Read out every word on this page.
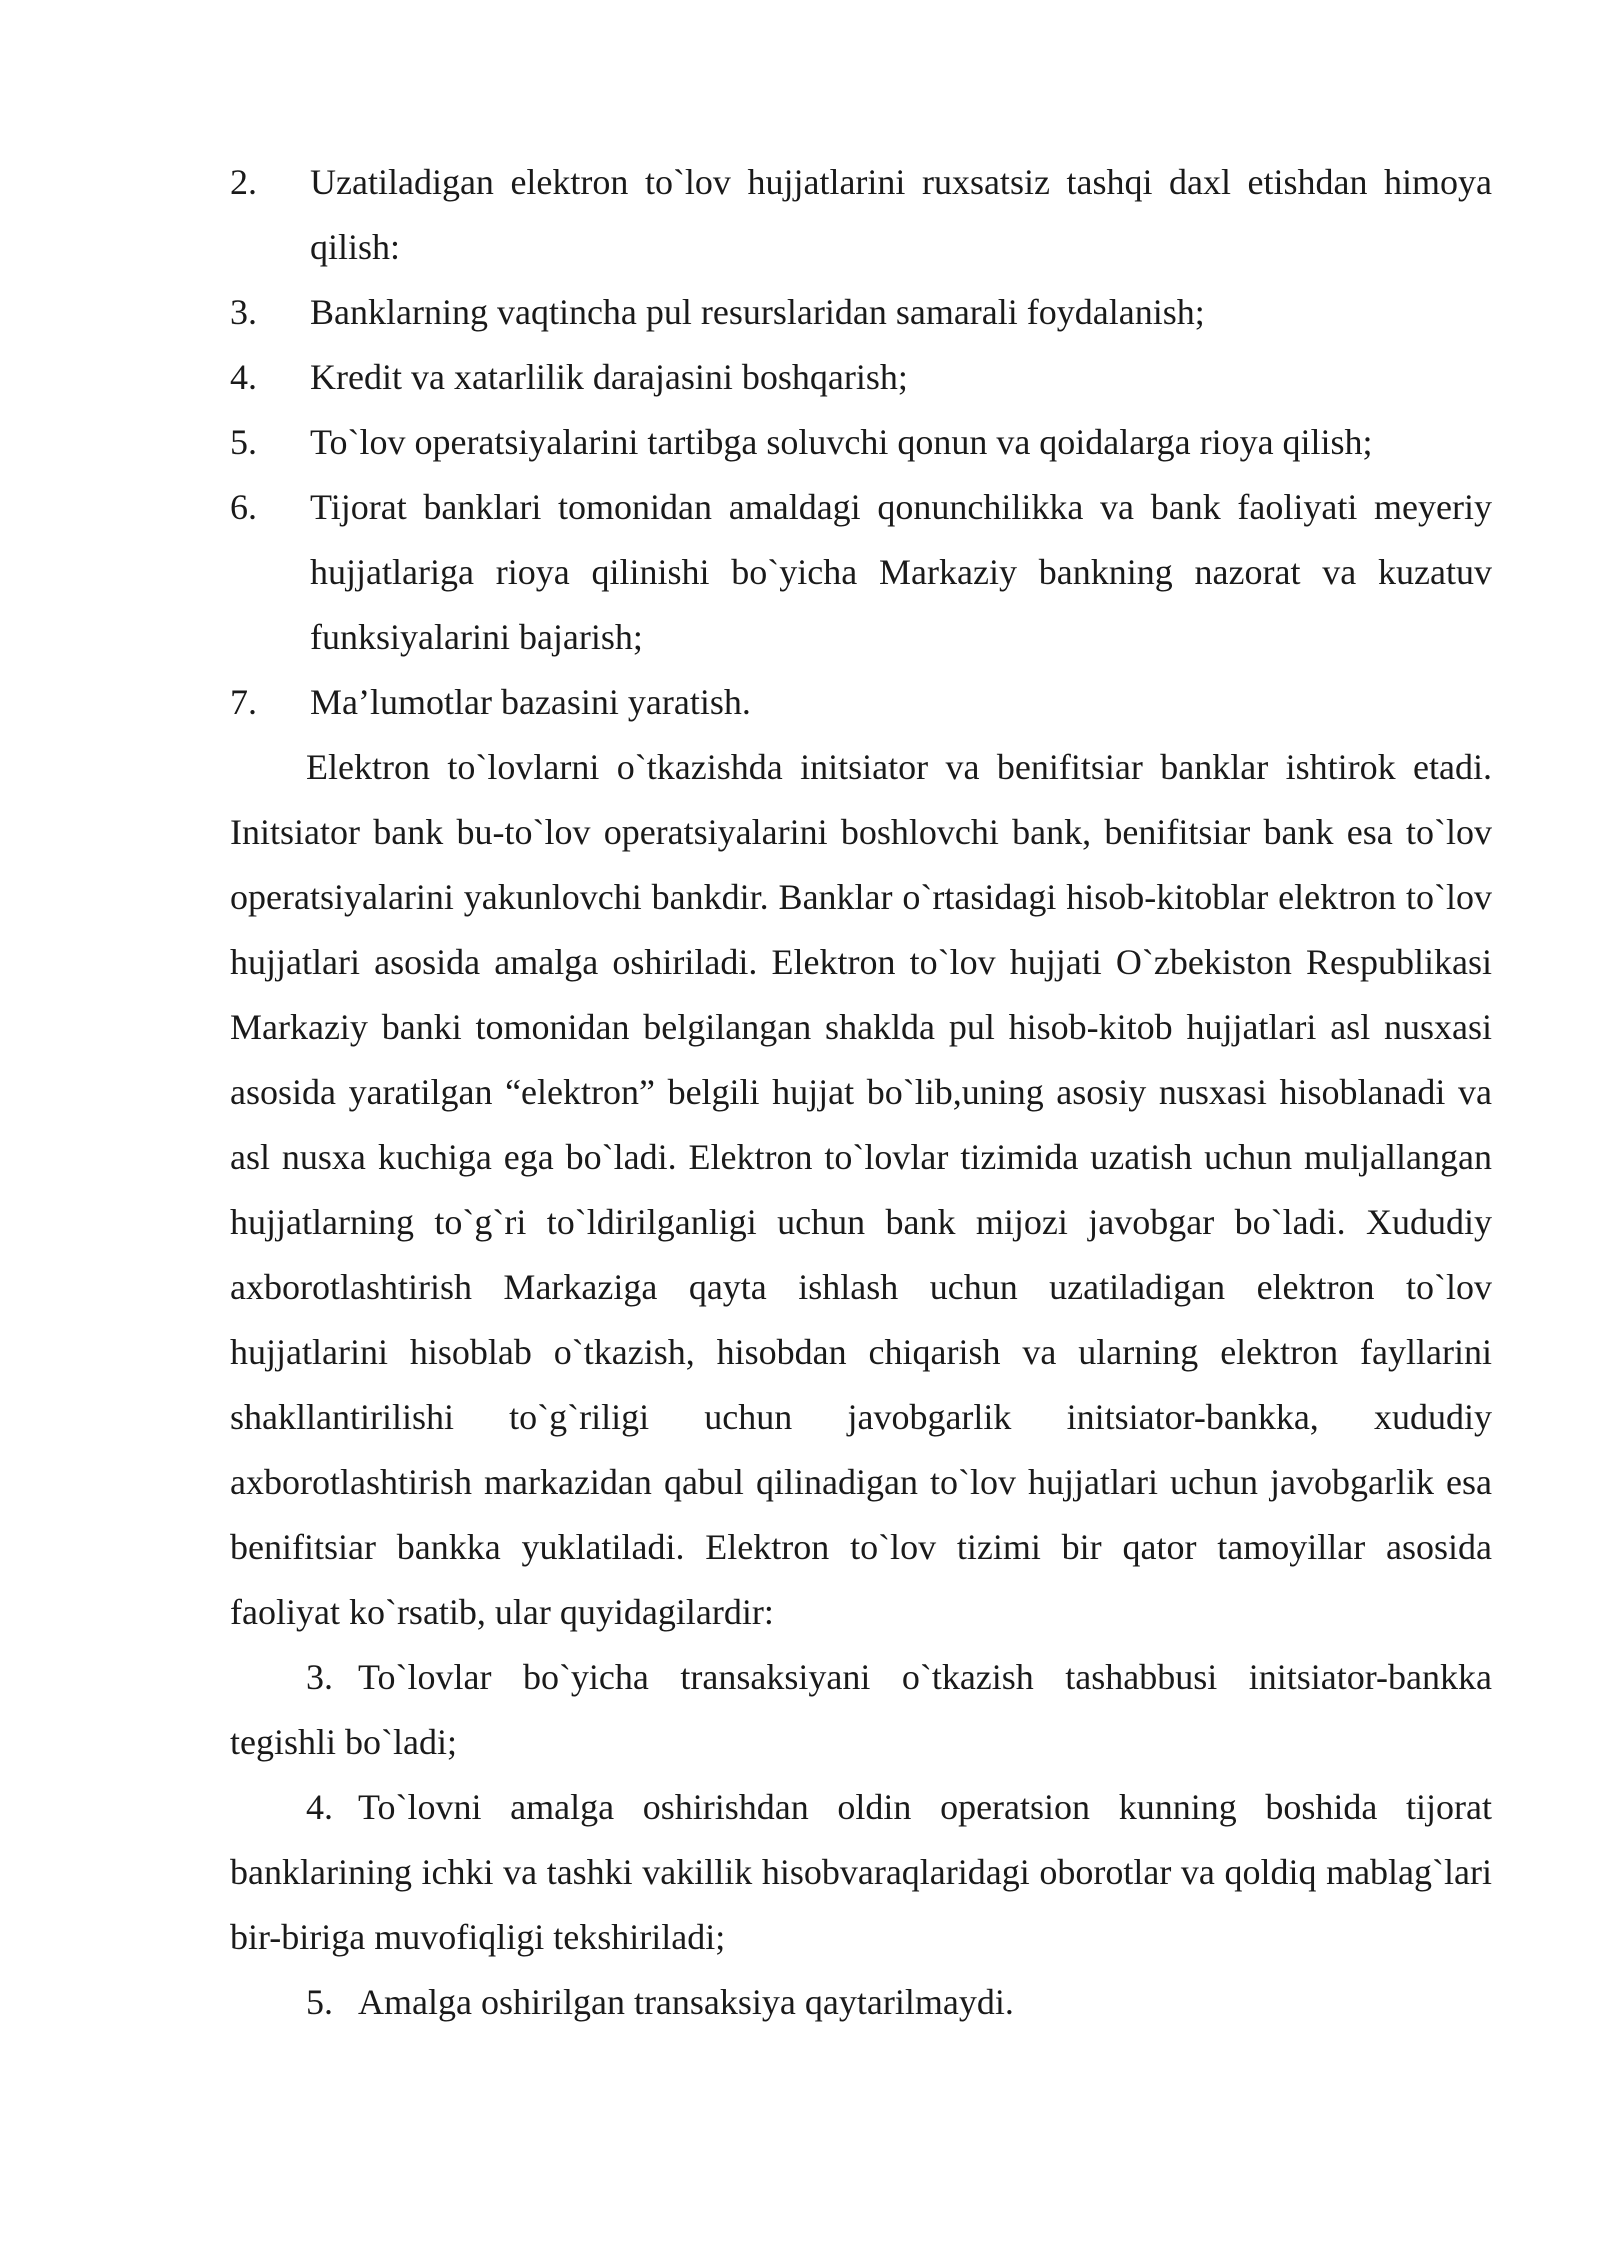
2.	Uzatiladigan elektron to`lov hujjatlarini ruxsatsiz tashqi daxl etishdan himoya qilish:
3.	Banklarning vaqtincha pul resurslaridan samarali foydalanish;
4.	Kredit va xatarlilik darajasini boshqarish;
5.	To`lov operatsiyalarini tartibga soluvchi qonun va qoidalarga rioya qilish;
6.	Tijorat banklari tomonidan amaldagi qonunchilikka va bank faoliyati meyeriy hujjatlariga rioya qilinishi bo`yicha Markaziy bankning nazorat va kuzatuv funksiyalarini bajarish;
7.	Ma’lumotlar bazasini yaratish.

Elektron to`lovlarni o`tkazishda initsiator va benifitsiar banklar ishtirok etadi. Initsiator bank bu-to`lov operatsiyalarini boshlovchi bank, benifitsiar bank esa to`lov operatsiyalarini yakunlovchi bankdir. Banklar o`rtasidagi hisob-kitoblar elektron to`lov hujjatlari asosida amalga oshiriladi. Elektron to`lov hujjati O`zbekiston Respublikasi Markaziy banki tomonidan belgilangan shaklda pul hisob-kitob hujjatlari asl nusxasi asosida yaratilgan “elektron” belgili hujjat bo`lib,uning asosiy nusxasi hisoblanadi va asl nusxa kuchiga ega bo`ladi. Elektron to`lovlar tizimida uzatish uchun muljallangan hujjatlarning to`g`ri to`ldirilganligi uchun bank mijozi javobgar bo`ladi. Xududiy axborotlashtirish Markaziga qayta ishlash uchun uzatiladigan elektron to`lov hujjatlarini hisoblab o`tkazish, hisobdan chiqarish va ularning elektron fayllarini shakllantirilishi to`g`riligi uchun javobgarlik initsiator-bankka, xududiy axborotlashtirish markazidan qabul qilinadigan to`lov hujjatlari uchun javobgarlik esa benifitsiar bankka yuklatiladi. Elektron to`lov tizimi bir qator tamoyillar asosida faoliyat ko`rsatib, ular quyidagilardir:

3. To`lovlar bo`yicha transaksiyani o`tkazish tashabbusi initsiator-bankka tegishli bo`ladi;

4. To`lovni amalga oshirishdan oldin operatsion kunning boshida tijorat banklarining ichki va tashki vakillik hisobvaraqlaridagi oborotlar va qoldiq mablag`lari bir-biriga muvofiqligi tekshiriladi;

5. Amalga oshirilgan transaksiya qaytarilmaydi.
